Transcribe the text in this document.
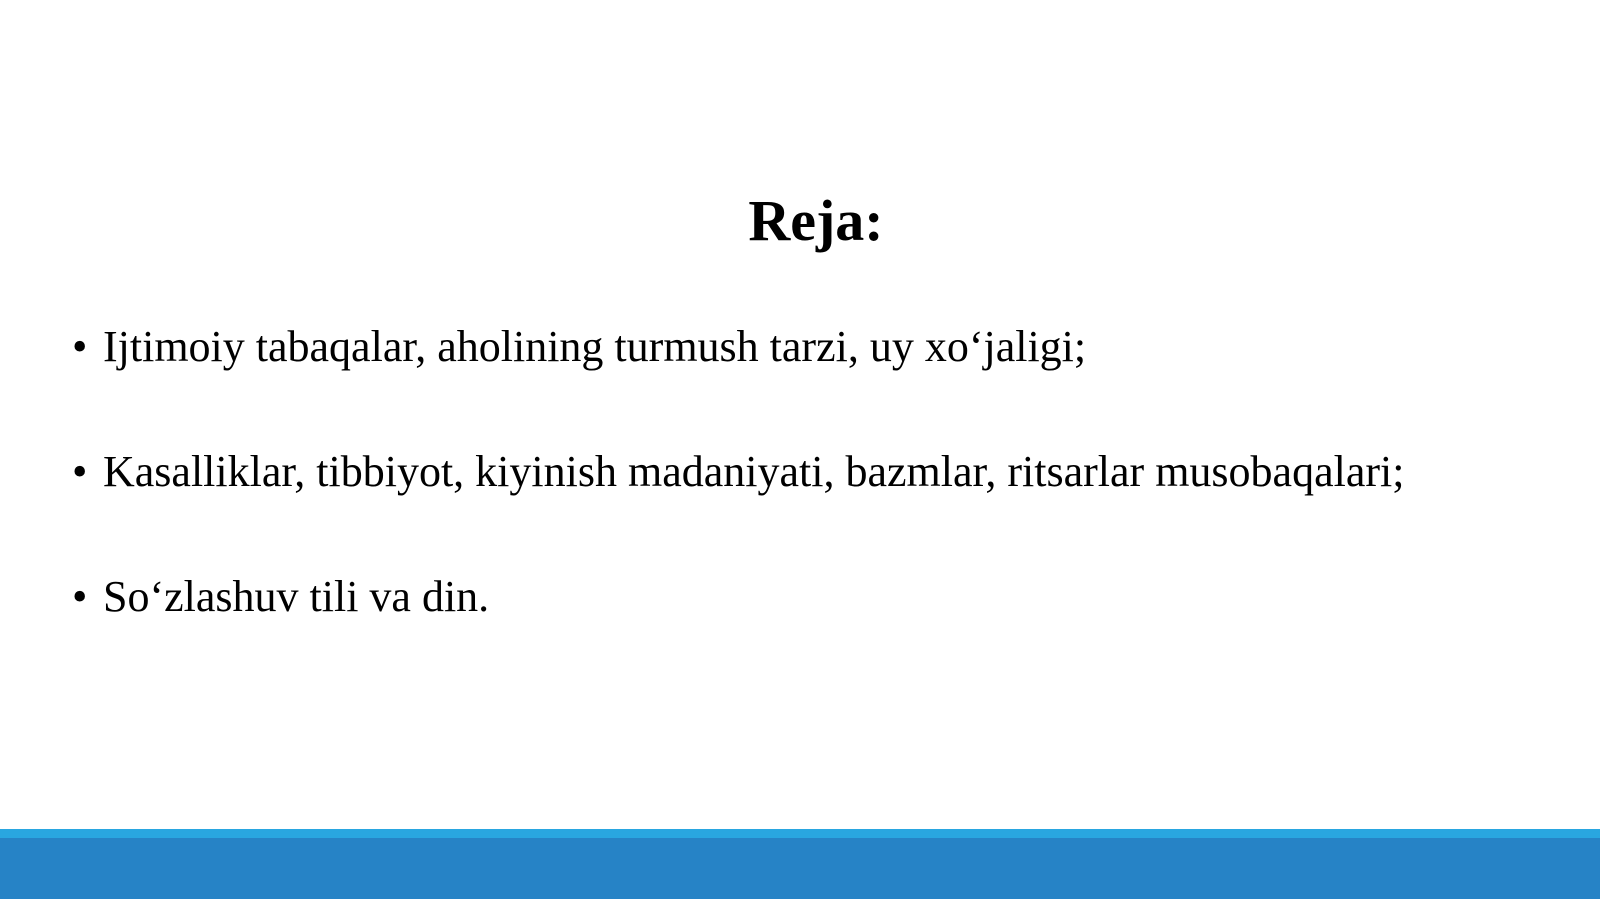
Reja:
• Ijtimoiy tabaqalar, aholining turmush tarzi, uy xo‘jaligi;
• Kasalliklar, tibbiyot, kiyinish madaniyati, bazmlar, ritsarlar musobaqalari;
• So‘zlashuv tili va din.
